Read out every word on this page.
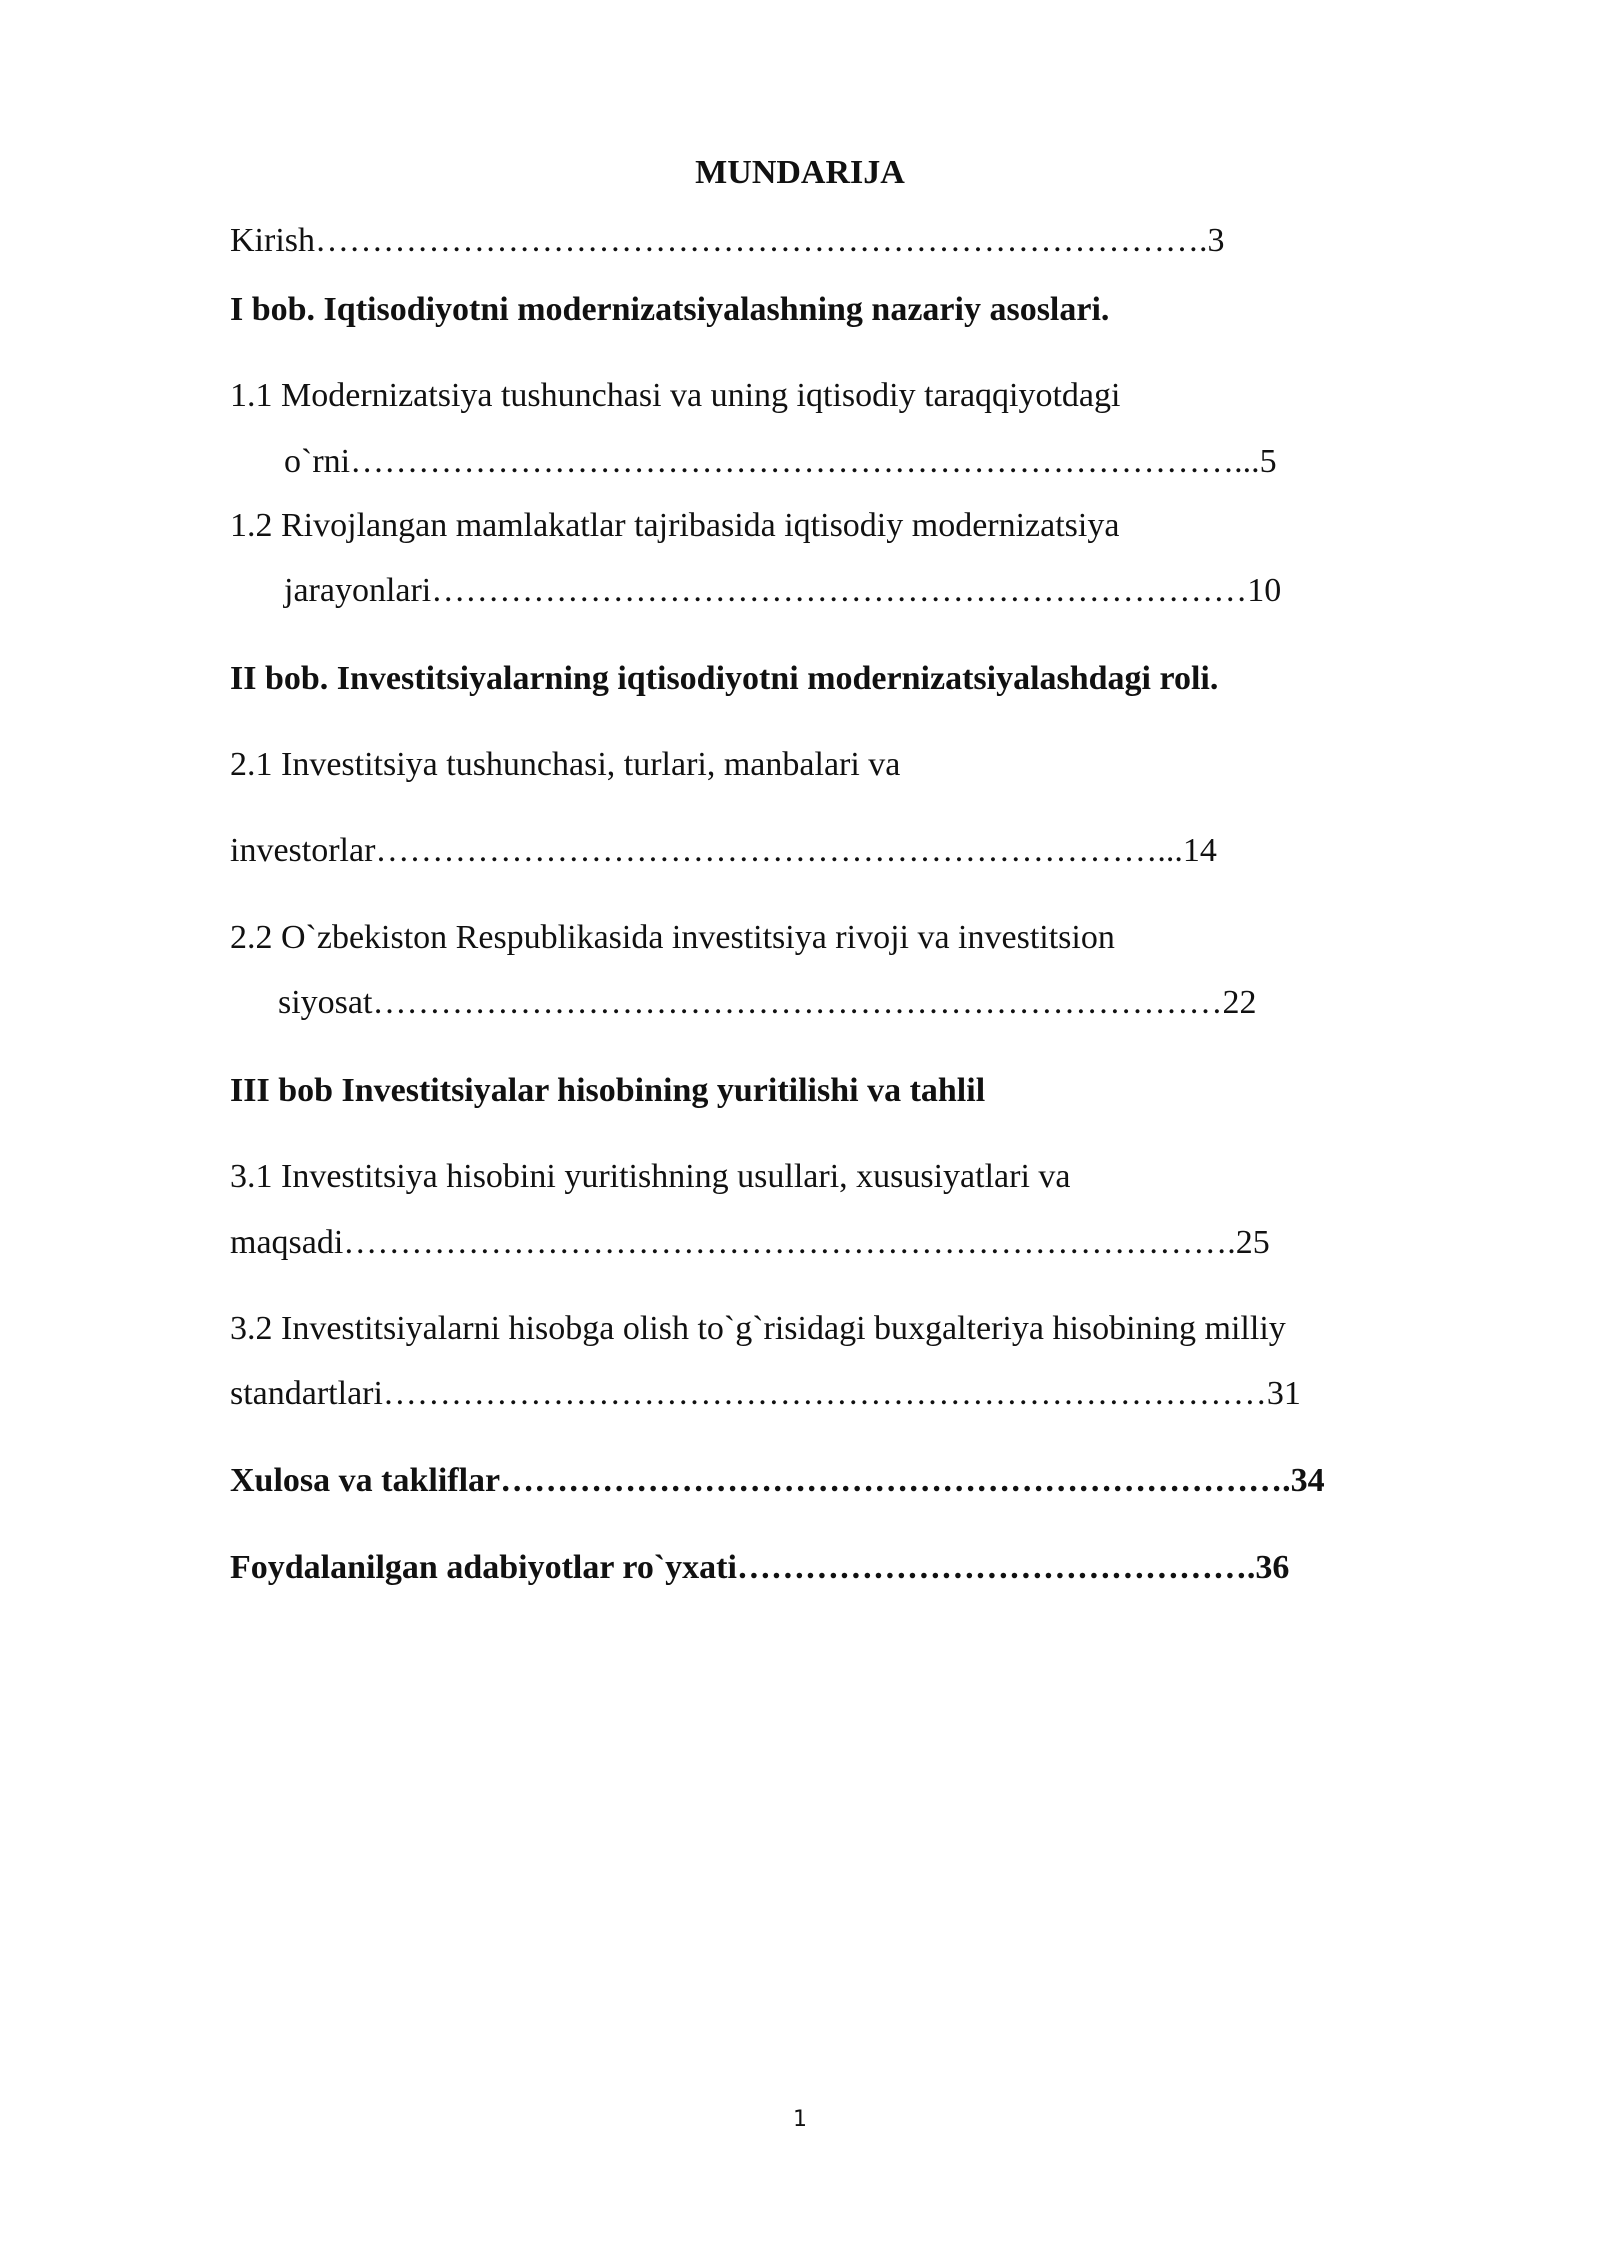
MUNDARIJA

Kirish…………………………………………………………………….3

I bob. Iqtisodiyotni modernizatsiyalashning nazariy asoslari.

1.1 Modernizatsiya tushunchasi va uning iqtisodiy taraqqiyotdagi

o`rni……………………………………………………………………...5

1.2 Rivojlangan mamlakatlar tajribasida iqtisodiy modernizatsiya

jarayonlari………………………………………………………………10

II bob. Investitsiyalarning iqtisodiyotni modernizatsiyalashdagi roli.

2.1 Investitsiya tushunchasi, turlari, manbalari va

investorlar……………………………………………………………...14

2.2 O`zbekiston Respublikasida investitsiya rivoji va investitsion

siyosat…………………………………………………………………22

III bob Investitsiyalar hisobining yuritilishi va tahlil

3.1 Investitsiya hisobini yuritishning usullari, xususiyatlari va

maqsadi…………………………………………………………………….25

3.2 Investitsiyalarni hisobga olish to`g`risidagi buxgalteriya hisobining milliy

standartlari……………………………………………………………………31

Xulosa va takliflar…………………………………………………………….34

Foydalanilgan adabiyotlar ro`yxati……………………………………….36

1
